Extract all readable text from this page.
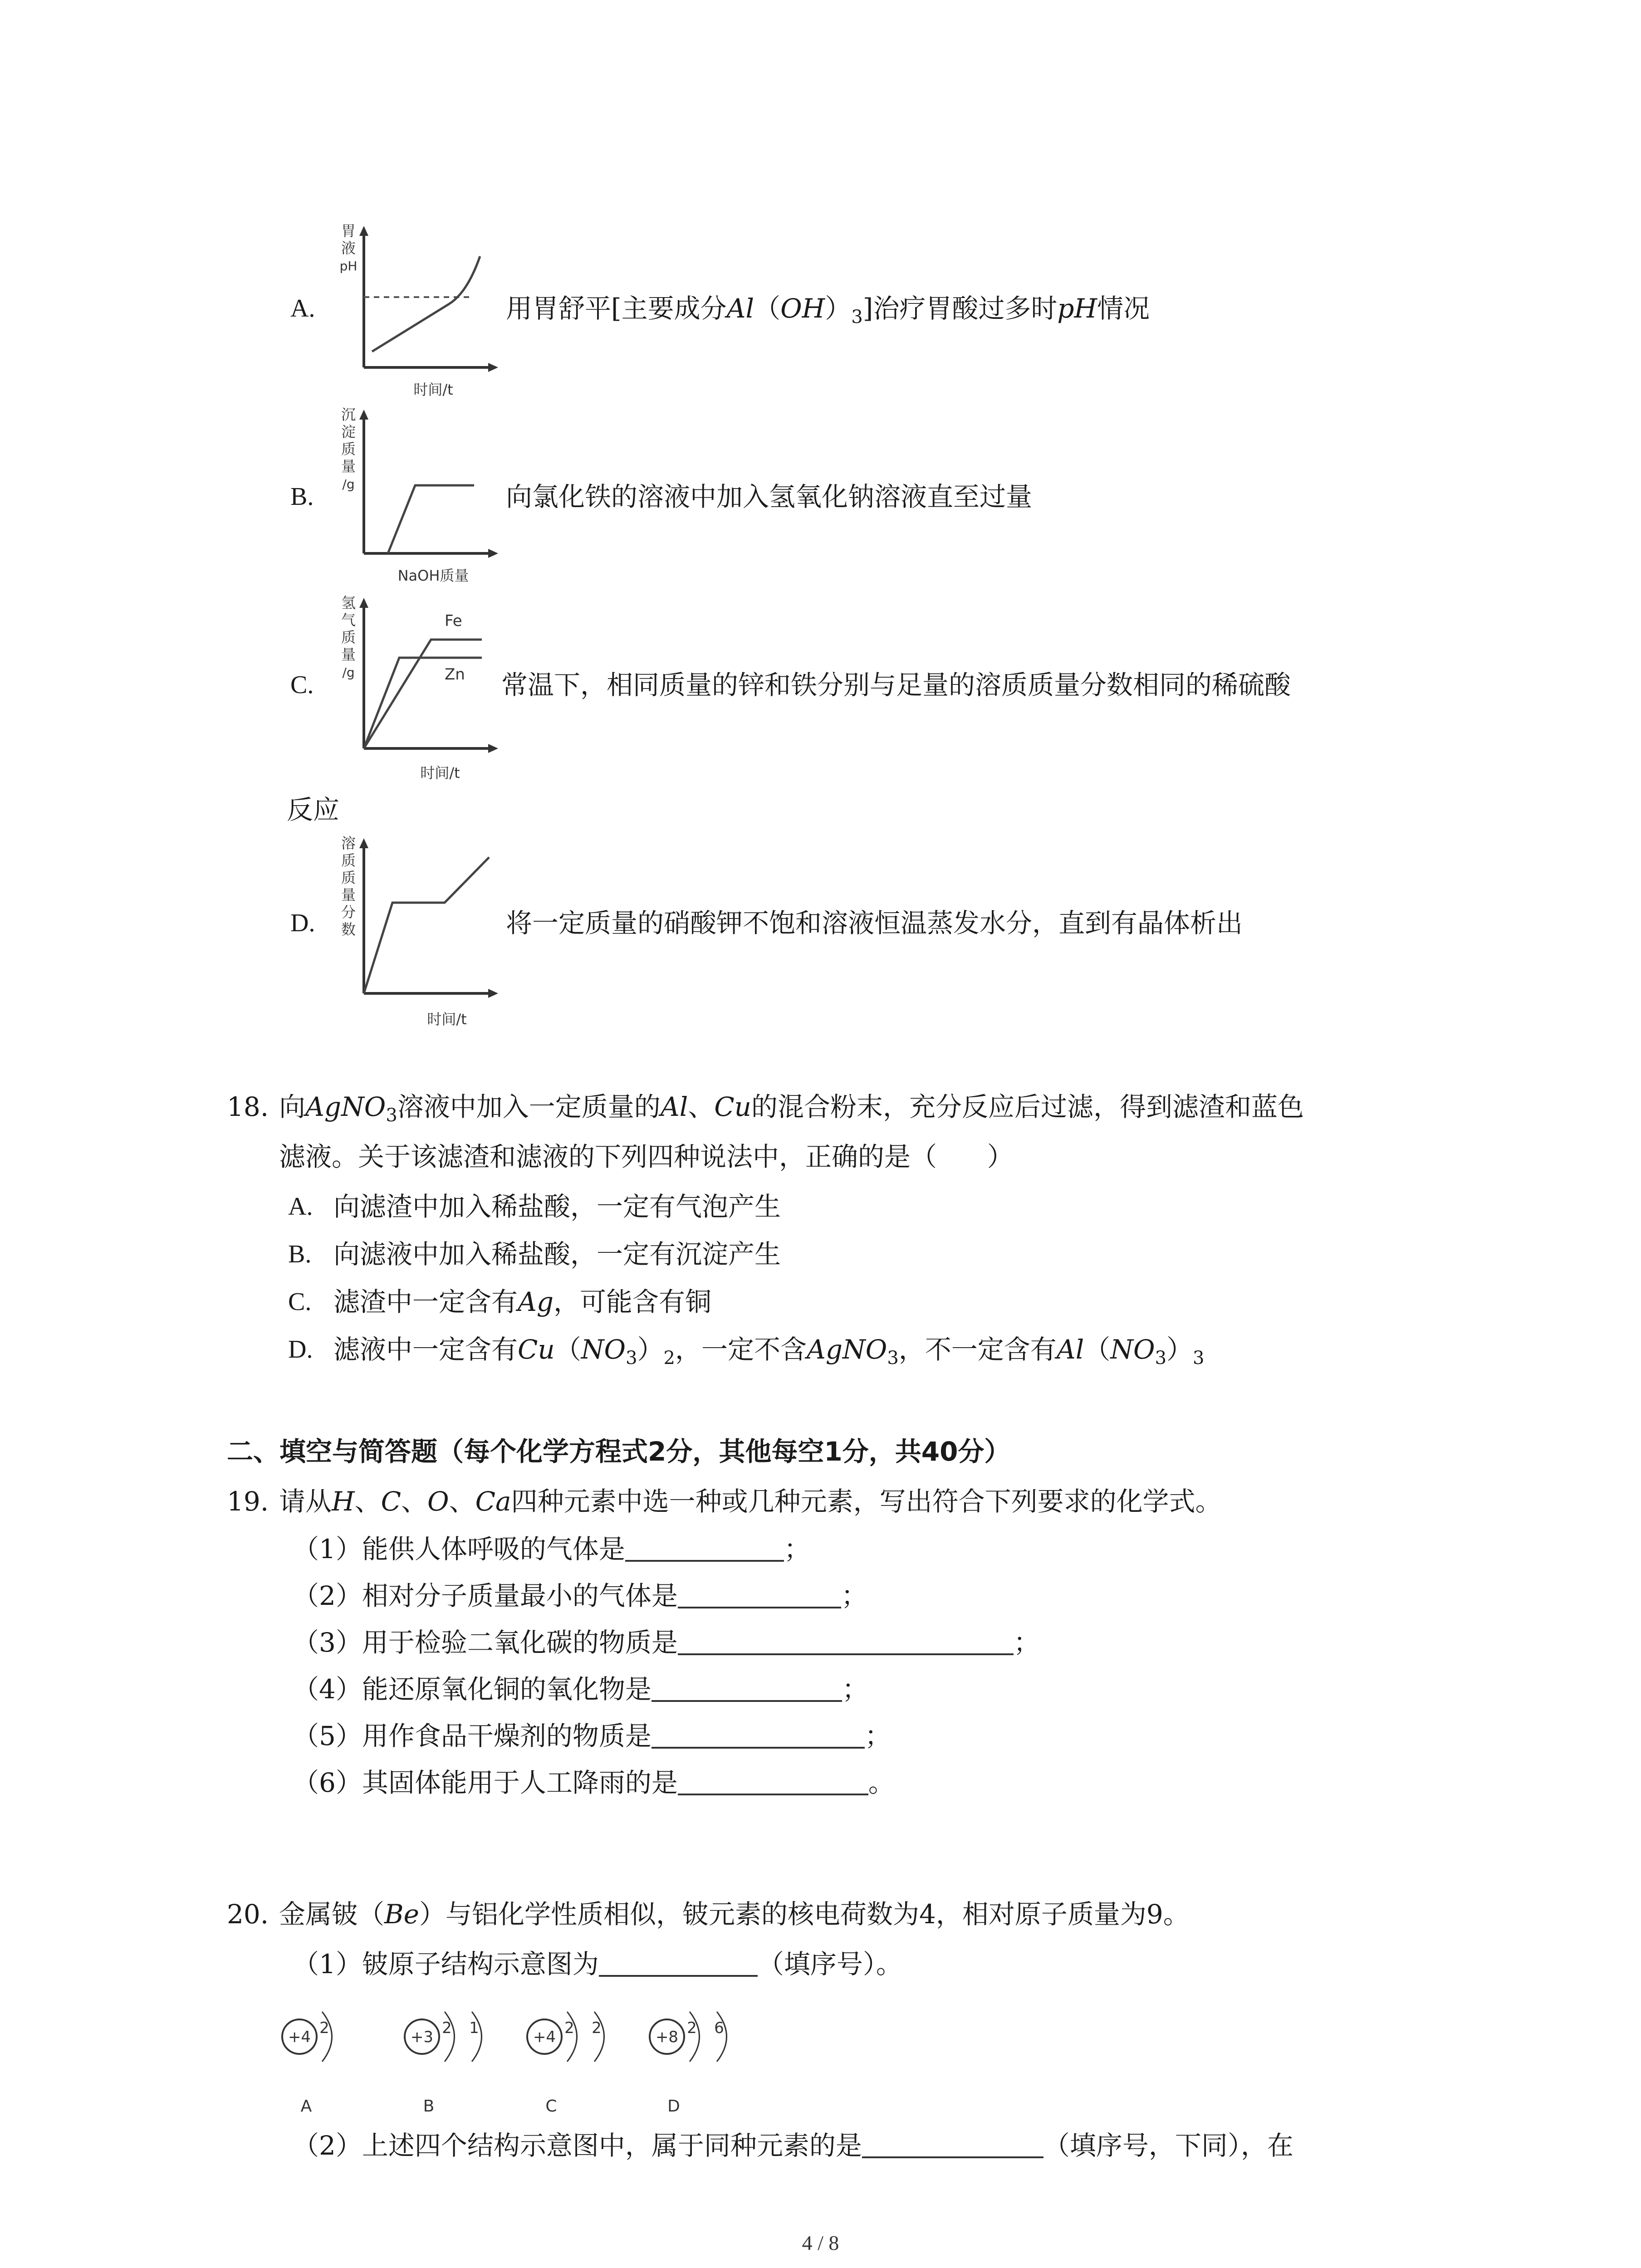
A.
胃
液
pH
时间/t
用胃舒平[主要成分$Al(OH)_3$]治疗胃酸过多时pH情况
B.
沉
淀
质
量
/g
NaOH质量
向氯化铁的溶液中加入氢氧化钠溶液直至过量
C.
氢
气
质
量
/g
Fe
Zn
时间/t
常温下，相同质量的锌和铁分别与足量的溶质质量分数相同的稀硫酸
反应
D.
溶
质
质
量
分
数
时间/t
将一定质量的硝酸钾不饱和溶液恒温蒸发水分，直到有晶体析出
18. 向AgNO$_3$溶液中加入一定质量的Al、Cu的混合粉末，充分反应后过滤，得到滤渣和蓝色
滤液。关于该滤渣和滤液的下列四种说法中，正确的是（      ）
A. 向滤渣中加入稀盐酸，一定有气泡产生
B. 向滤液中加入稀盐酸，一定有沉淀产生
C. 滤渣中一定含有Ag，可能含有铜
D. 滤液中一定含有$Cu(NO_3)_2$，一定不含AgNO$_3$，不一定含有$Al(NO_3)_3$
二、填空与简答题（每个化学方程式2分，其他每空1分，共40分）
19. 请从H、C、O、Ca四种元素中选一种或几种元素，写出符合下列要求的化学式。
（1）能供人体呼吸的气体是	；
（2）相对分子质量最小的气体是	；
（3）用于检验二氧化碳的物质是	；
（4）能还原氧化铜的氧化物是	；
（5）用作食品干燥剂的物质是	；
（6）其固体能用于人工降雨的是	。
20. 金属铍（Be）与铝化学性质相似，铍元素的核电荷数为4，相对原子质量为9。
（1）铍原子结构示意图为	（填序号）。
+4 2
A
+3 2 1
B
+4 2 2
C
+8 2 6
D
（2）上述四个结构示意图中，属于同种元素的是	（填序号，下同），在
4 / 8
